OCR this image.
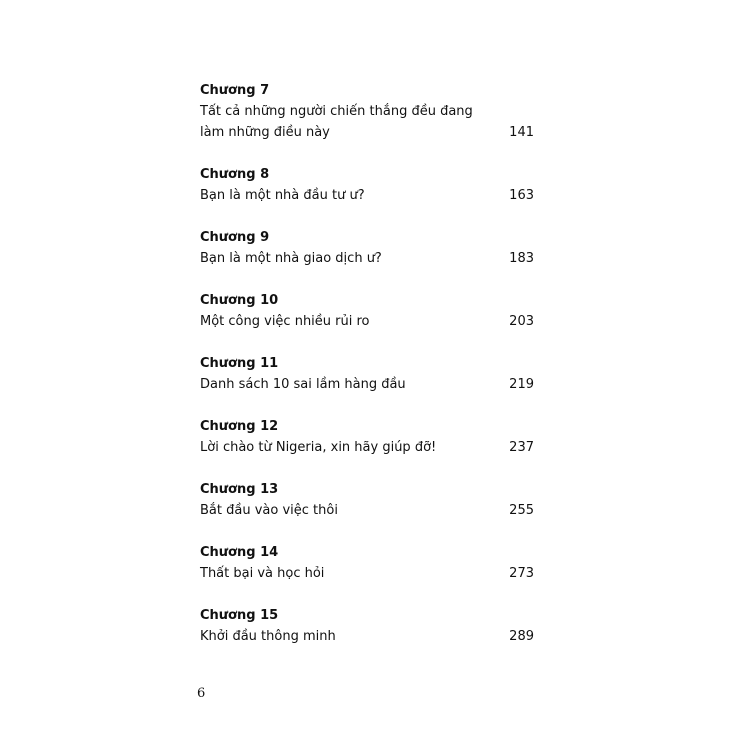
Chương 7
Tất cả những người chiến thắng đều đang làm những điều này	141
Chương 8
Bạn là một nhà đầu tư ư?	163
Chương 9
Bạn là một nhà giao dịch ư?	183
Chương 10
Một công việc nhiều rủi ro	203
Chương 11
Danh sách 10 sai lầm hàng đầu	219
Chương 12
Lời chào từ Nigeria, xin hãy giúp đỡ!	237
Chương 13
Bắt đầu vào việc thôi	255
Chương 14
Thất bại và học hỏi	273
Chương 15
Khởi đầu thông minh	289
6
